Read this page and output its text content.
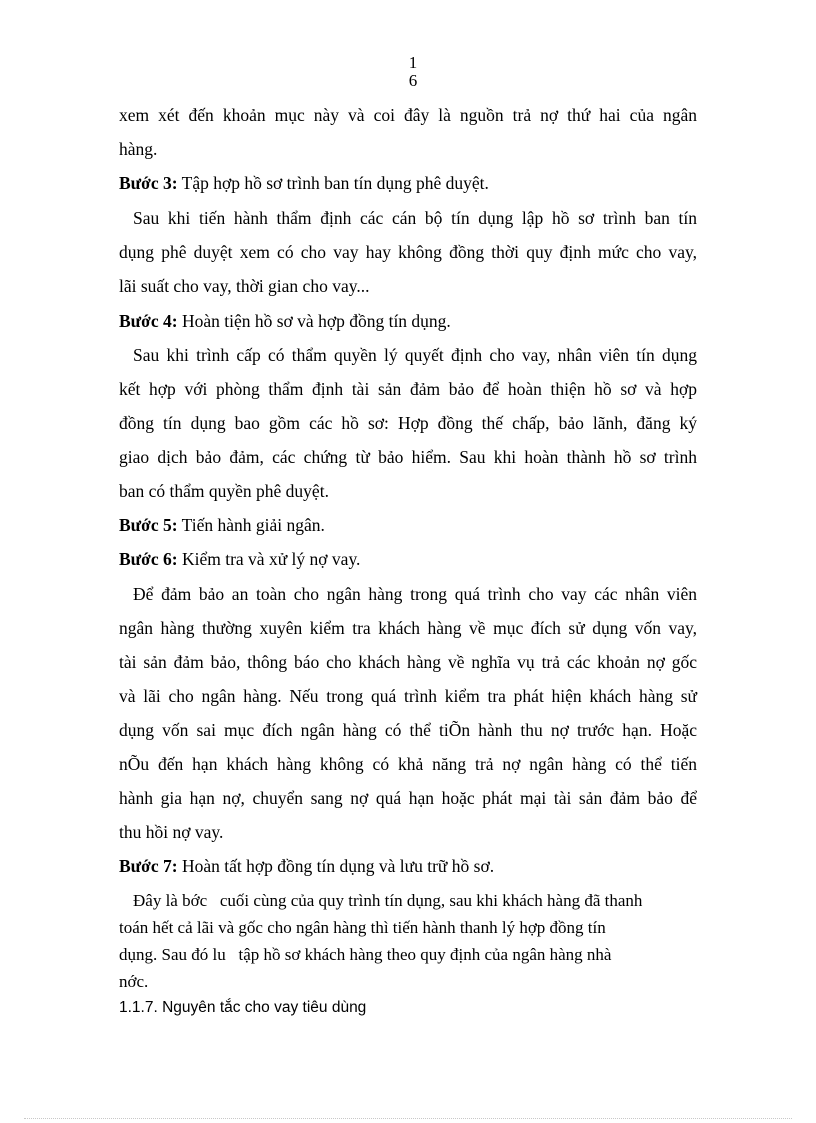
1
6
xem xét đến khoản mục này và coi đây là nguồn trả nợ thứ hai của ngân
hàng.
Bước 3: Tập hợp hồ sơ trình ban tín dụng phê duyệt.
Sau khi tiến hành thẩm định các cán bộ tín dụng lập hồ sơ trình ban tín
dụng phê duyệt xem có cho vay hay không đồng thời quy định mức cho vay,
lãi suất cho vay, thời gian cho vay...
Bước 4: Hoàn tiện hồ sơ và hợp đồng tín dụng.
Sau khi trình cấp có thẩm quyền lý quyết định cho vay, nhân viên tín dụng
kết hợp với phòng thẩm định tài sản đảm bảo để hoàn thiện hồ sơ và hợp
đồng tín dụng bao gồm các hồ sơ: Hợp đồng thế chấp, bảo lãnh, đăng ký
giao dịch bảo đảm, các chứng từ bảo hiểm. Sau khi hoàn thành hồ sơ trình
ban có thẩm quyền phê duyệt.
Bước 5: Tiến hành giải ngân.
Bước 6: Kiểm tra và xử lý nợ vay.
Để đảm bảo an toàn cho ngân hàng trong quá trình cho vay các nhân viên
ngân hàng thường xuyên kiểm tra khách hàng về mục đích sử dụng vốn vay,
tài sản đảm bảo, thông báo cho khách hàng về nghĩa vụ trả các khoản nợ gốc
và lãi cho ngân hàng. Nếu trong quá trình kiểm tra phát hiện khách hàng sử
dụng vốn sai mục đích ngân hàng có thể tiÕn hành thu nợ trước hạn. Hoặc
nÕu đến hạn khách hàng không có khả năng trả nợ ngân hàng có thể tiến
hành gia hạn nợ, chuyển sang nợ quá hạn hoặc phát mại tài sản đảm bảo để
thu hồi nợ vay.
Bước 7: Hoàn tất hợp đồng tín dụng và lưu trữ hồ sơ.
Đây là bớc   cuối cùng của quy trình tín dụng, sau khi khách hàng đã thanh
toán hết cả lãi và gốc cho ngân hàng thì tiến hành thanh lý hợp đồng tín
dụng. Sau đó lu   tập hồ sơ khách hàng theo quy định của ngân hàng nhà
nớc.
1.1.7. Nguyên tắc cho vay tiêu dùng
